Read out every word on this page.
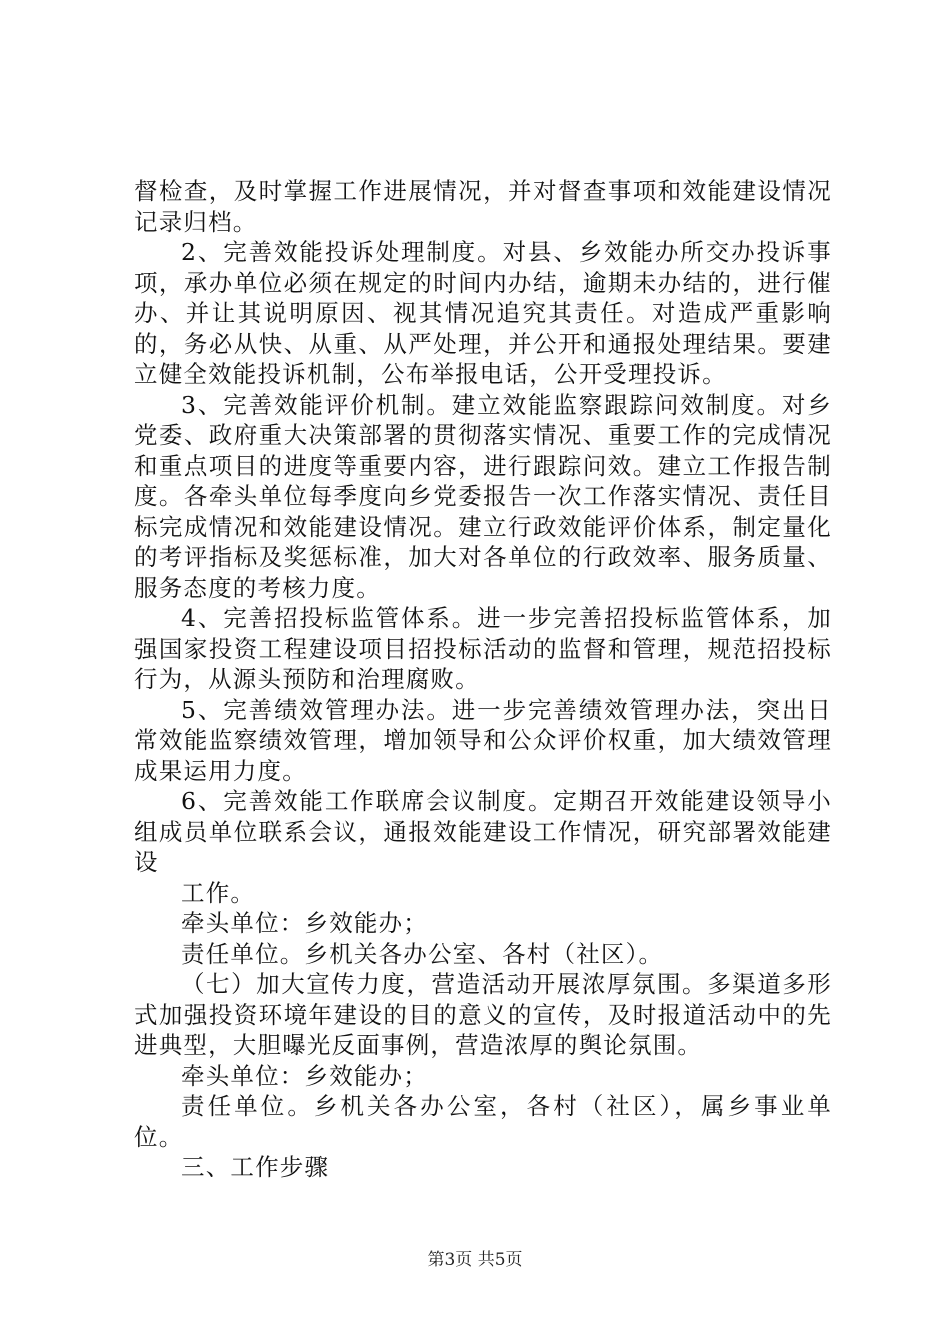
督检查，及时掌握工作进展情况，并对督查事项和效能建设情况记录归档。

2、完善效能投诉处理制度。对县、乡效能办所交办投诉事项，承办单位必须在规定的时间内办结，逾期未办结的，进行催办、并让其说明原因、视其情况追究其责任。对造成严重影响的，务必从快、从重、从严处理，并公开和通报处理结果。要建立健全效能投诉机制，公布举报电话，公开受理投诉。

3、完善效能评价机制。建立效能监察跟踪问效制度。对乡党委、政府重大决策部署的贯彻落实情况、重要工作的完成情况和重点项目的进度等重要内容，进行跟踪问效。建立工作报告制度。各牵头单位每季度向乡党委报告一次工作落实情况、责任目标完成情况和效能建设情况。建立行政效能评价体系，制定量化的考评指标及奖惩标准，加大对各单位的行政效率、服务质量、服务态度的考核力度。

4、完善招投标监管体系。进一步完善招投标监管体系，加强国家投资工程建设项目招投标活动的监督和管理，规范招投标行为，从源头预防和治理腐败。

5、完善绩效管理办法。进一步完善绩效管理办法，突出日常效能监察绩效管理，增加领导和公众评价权重，加大绩效管理成果运用力度。

6、完善效能工作联席会议制度。定期召开效能建设领导小组成员单位联系会议，通报效能建设工作情况，研究部署效能建设

工作。

牵头单位：乡效能办；

责任单位。乡机关各办公室、各村（社区）。

（七）加大宣传力度，营造活动开展浓厚氛围。多渠道多形式加强投资环境年建设的目的意义的宣传，及时报道活动中的先进典型，大胆曝光反面事例，营造浓厚的舆论氛围。

牵头单位：乡效能办；

责任单位。乡机关各办公室，各村（社区），属乡事业单位。

三、工作步骤

第3页 共5页
